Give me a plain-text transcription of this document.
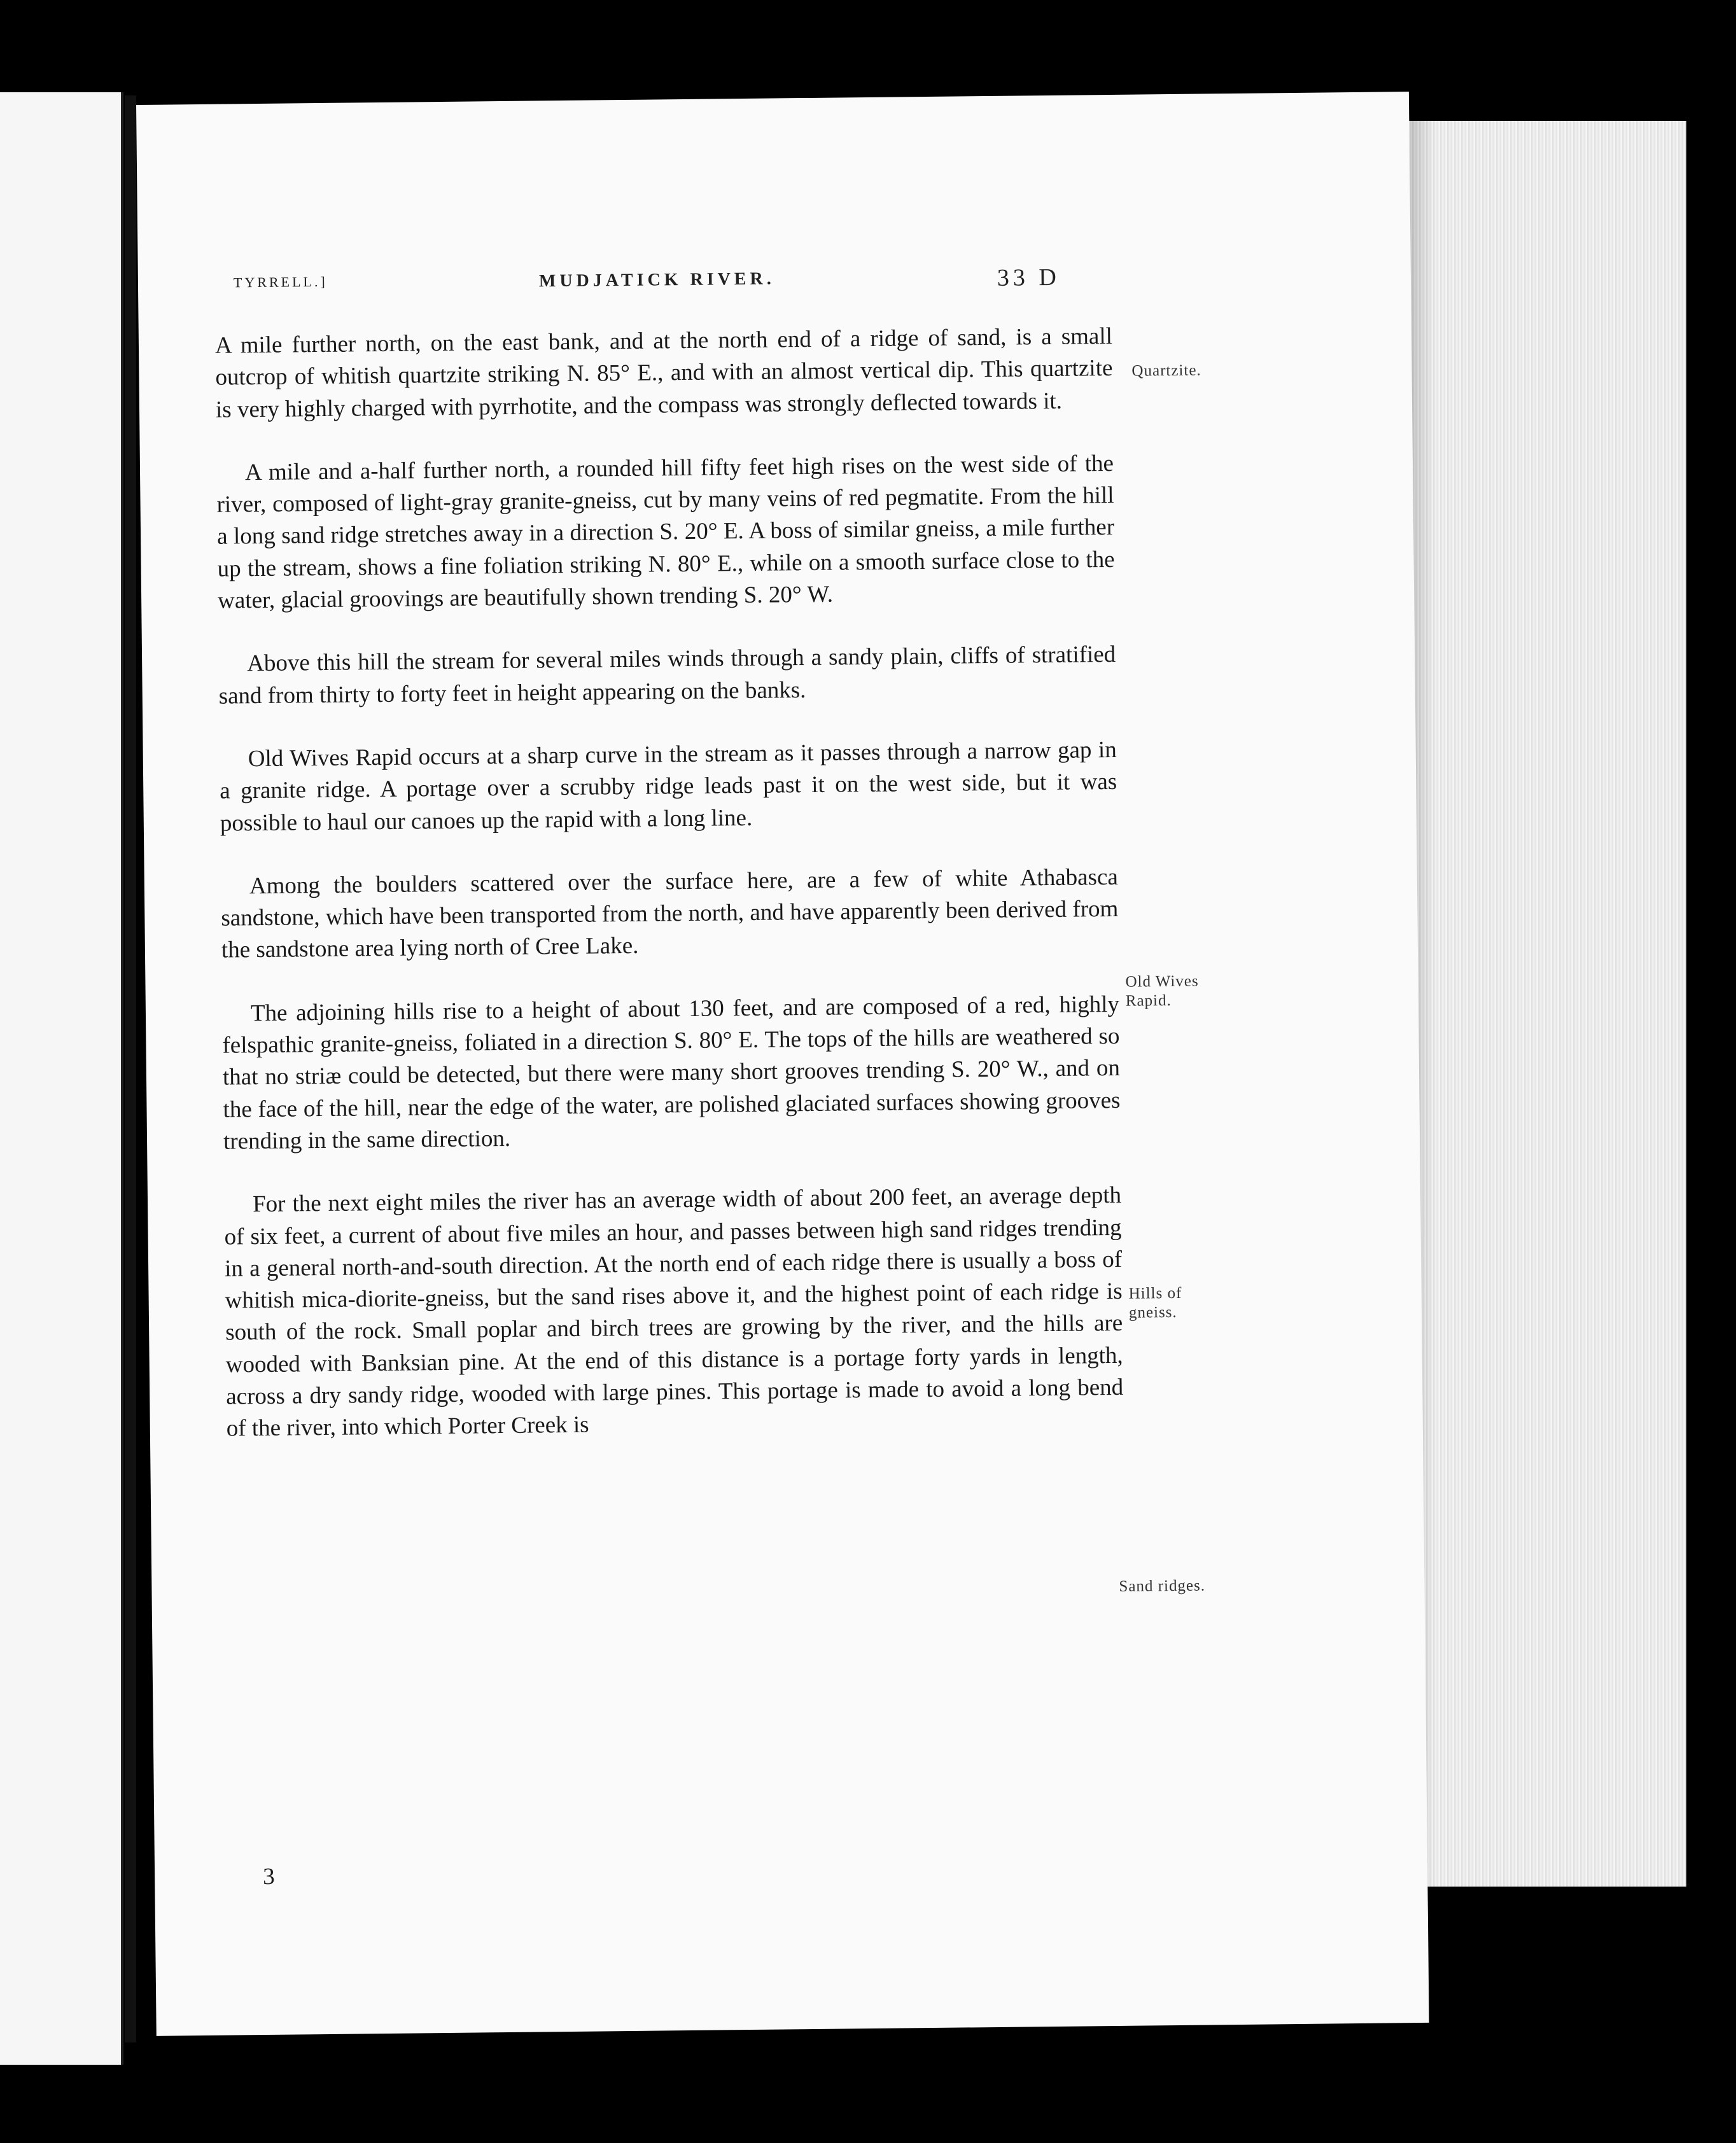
TYRRELL.]	MUDJATICK RIVER.	33 D

A mile further north, on the east bank, and at the north end of a ridge of sand, is a small outcrop of whitish quartzite striking N. 85° E., and with an almost vertical dip. This quartzite is very highly charged with pyrrhotite, and the compass was strongly deflected towards it.

A mile and a-half further north, a rounded hill fifty feet high rises on the west side of the river, composed of light-gray granite-gneiss, cut by many veins of red pegmatite. From the hill a long sand ridge stretches away in a direction S. 20° E. A boss of similar gneiss, a mile further up the stream, shows a fine foliation striking N. 80° E., while on a smooth surface close to the water, glacial groovings are beautifully shown trending S. 20° W.

Above this hill the stream for several miles winds through a sandy plain, cliffs of stratified sand from thirty to forty feet in height appearing on the banks.

Old Wives Rapid occurs at a sharp curve in the stream as it passes through a narrow gap in a granite ridge. A portage over a scrubby ridge leads past it on the west side, but it was possible to haul our canoes up the rapid with a long line.

Among the boulders scattered over the surface here, are a few of white Athabasca sandstone, which have been transported from the north, and have apparently been derived from the sandstone area lying north of Cree Lake.

The adjoining hills rise to a height of about 130 feet, and are composed of a red, highly felspathic granite-gneiss, foliated in a direction S. 80° E. The tops of the hills are weathered so that no striæ could be detected, but there were many short grooves trending S. 20° W., and on the face of the hill, near the edge of the water, are polished glaciated surfaces showing grooves trending in the same direction.

For the next eight miles the river has an average width of about 200 feet, an average depth of six feet, a current of about five miles an hour, and passes between high sand ridges trending in a general north-and-south direction. At the north end of each ridge there is usually a boss of whitish mica-diorite-gneiss, but the sand rises above it, and the highest point of each ridge is south of the rock. Small poplar and birch trees are growing by the river, and the hills are wooded with Banksian pine. At the end of this distance is a portage forty yards in length, across a dry sandy ridge, wooded with large pines. This portage is made to avoid a long bend of the river, into which Porter Creek is

Quartzite.
Old Wives Rapid.
Hills of gneiss.
Sand ridges.
3
